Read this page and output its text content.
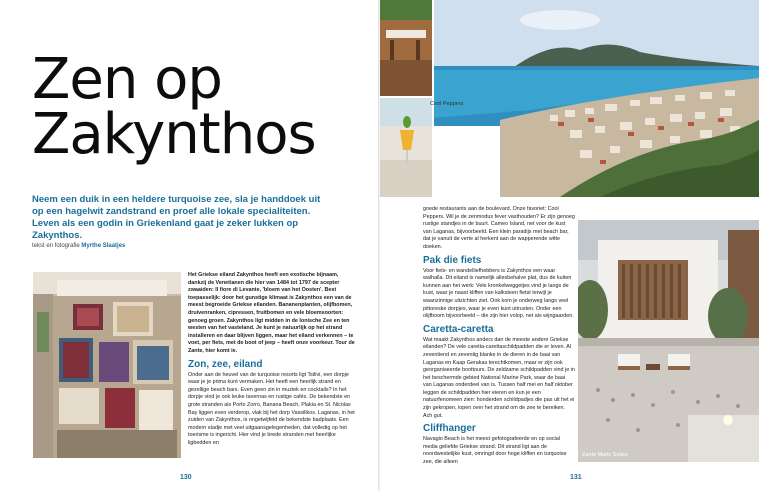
Zen op
Zakynthos
Neem een duik in een heldere turquoise zee, sla je handdoek uit op een hagelwit zandstrand en proef alle lokale specialiteiten. Leven als een godin in Griekenland gaat je zeker lukken op Zakynthos.
tekst en fotografie Myrthe Slaatjes

Het Griekse eiland Zakynthos heeft een exotische bijnaam, dankzij de Venetianen die hier van 1484 tot 1797 de scepter zwaaiden: Il fiore di Levante, 'bloem van het Oosten'. Best toepasselijk: door het gunstige klimaat is Zakynthos een van de meest begroeide Griekse eilanden. Bananenplanten, olijfbomen, druivenranken, cipressen, fruitbomen en vele bloemsoorten: genoeg groen. Zakynthos ligt midden in de Ionische Zee en ten westen van het vasteland. Je kunt je natuurlijk op het strand installeren en daar blijven liggen, maar het eiland verkennen – te voet, per fiets, met de boot of jeep – heeft onze voorkeur. Tour de Zante, hier komt ie.

Zon, zee, eiland

Onder aan de heuvel van de turquoise resorts ligt Tsilivi, een dorpje waar je je prima kunt vermaken. Het heeft een heerlijk strand en gezellige beach bars. Even geen zin in muziek en cocktails? In het dorpje vind je ook leuke tavernas en rustige cafés. De bekendste en grote stranden als Porto Zorro, Banana Beach, Plakia en St. Nicolas Bay liggen even verderop, vlak bij het dorp Vassilikos. Laganas, in het zuiden van Zakynthos, is ongetwijfeld de bekendste badplaats. Een modern stadje met veel uitgaansgelegenheden, dat volledig op het toerisme is ingericht. Hier vind je brede stranden met heerlijke ligbedden en

130
Cool Peppers

goede restaurants aan de boulevard. Onze favoriet: Cool Peppers. Wil je de zenmodus fever vasthouden? Er zijn genoeg rustige standjes in de buurt. Cameo Island, net voor de kust van Laganas, bijvoorbeeld. Een klein paradijs met beach bar, dat je vanuit de verte al herkent aan de wapperende witte doeken.

Pak die fiets

Voor fiets- en wandelliefhebbers is Zakynthos een waar walhalla. Dit eiland is namelijk allesbehalve plat, dus de kuiten kunnen aan het werk: Vele kronkelweggetjes vind je langs de kust, waar je naast kliffen van kalksteen fietst terwijl je waanzinnige uitzichten ziet. Ook kom je onderweg langs veel pittoreske dorpjes, waar je even kunt uitrusten. Onder een olijfboom bijvoorbeeld – die zijn hier volop, net als wijngaarden.

Caretta-caretta

Wat maakt Zakynthos anders dan de meeste andere Griekse eilanden? De vele caretta-carettaschildpadden die er leven. Al zeventiend en zeventig blanke in de dieren in de baai van Laganas en Kaap Gerakas terechtkomen, maar er zijn ook georganiseerde boottours. De zeldzame schildpadden vind je in het beschermde gebied National Marine Park, waar de baai van Laganas onderdeel van is. Tussen half mei en half oktober leggen de schildpadden hier eieren en kun je een natuurfenomeen zien: honderden schildpadjes die pas uit het ei zijn gekropen, lopen over het strand om de zee te bereiken. Ach gut.

Cliffhanger

Navagio Beach is het meest gefotografeerde en op social media geliefde Griekse strand. Dit strand ligt aan de noordwestelijke kust, omringd door hoge kliffen en turquoise zee, die alleen

Zante Maris Suites
131
